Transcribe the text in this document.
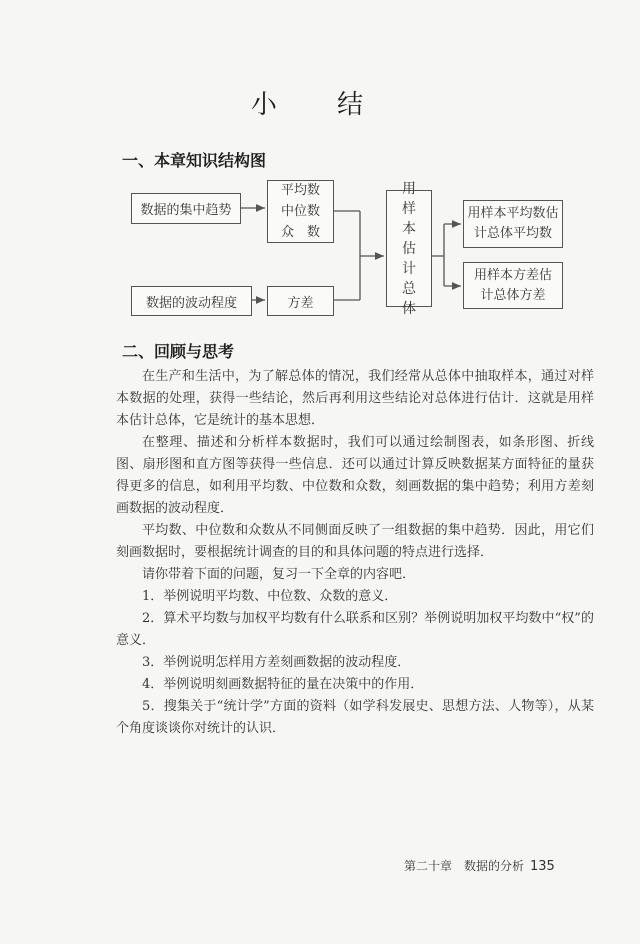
小 结
一、本章知识结构图
数据的集中趋势
平均数
中位数
众　数
数据的波动程度	方差
用
样
本
估
计
总
体
用样本平均数估
计总体平均数
用样本方差估
计总体方差
二、回顾与思考

在生产和生活中，为了解总体的情况，我们经常从总体中抽取样本，通过对样本数据的处理，获得一些结论，然后再利用这些结论对总体进行估计．这就是用样本估计总体，它是统计的基本思想．

在整理、描述和分析样本数据时，我们可以通过绘制图表，如条形图、折线图、扇形图和直方图等获得一些信息．还可以通过计算反映数据某方面特征的量获得更多的信息，如利用平均数、中位数和众数，刻画数据的集中趋势；利用方差刻画数据的波动程度．

平均数、中位数和众数从不同侧面反映了一组数据的集中趋势．因此，用它们刻画数据时，要根据统计调查的目的和具体问题的特点进行选择．

请你带着下面的问题，复习一下全章的内容吧．

1．举例说明平均数、中位数、众数的意义．

2．算术平均数与加权平均数有什么联系和区别？举例说明加权平均数中“权”的意义．

3．举例说明怎样用方差刻画数据的波动程度．

4．举例说明刻画数据特征的量在决策中的作用．

5．搜集关于“统计学”方面的资料（如学科发展史、思想方法、人物等），从某个角度谈谈你对统计的认识．

第二十章　数据的分析 135
